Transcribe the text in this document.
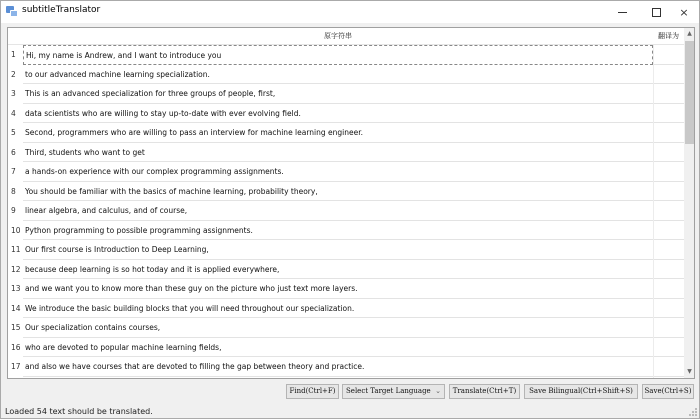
subtitleTranslator	×
原字符串	翻译为
1	Hi, my name is Andrew, and I want to introduce you
2	to our advanced machine learning specialization.
3	This is an advanced specialization for three groups of people, first,
4	data scientists who are willing to stay up-to-date with ever evolving field.
5	Second, programmers who are willing to pass an interview for machine learning engineer.
6	Third, students who want to get
7	a hands-on experience with our complex programming assignments.
8	You should be familiar with the basics of machine learning, probability theory,
9	linear algebra, and calculus, and of course,
10 Python programming to possible programming assignments.
11 Our first course is Introduction to Deep Learning,
12 because deep learning is so hot today and it is applied everywhere,
13 and we want you to know more than these guy on the picture who just text more layers.
14 We introduce the basic building blocks that you will need throughout our specialization.
15 Our specialization contains courses,
16 who are devoted to popular machine learning fields,
17 and also we have courses that are devoted to filling the gap between theory and practice.
▲
▼
Find(Ctrl+F)	Select Target Language ⌄	Translate(Ctrl+T)	Save Bilingual(Ctrl+Shift+S)	Save(Ctrl+S)
Loaded 54 text should be translated.
